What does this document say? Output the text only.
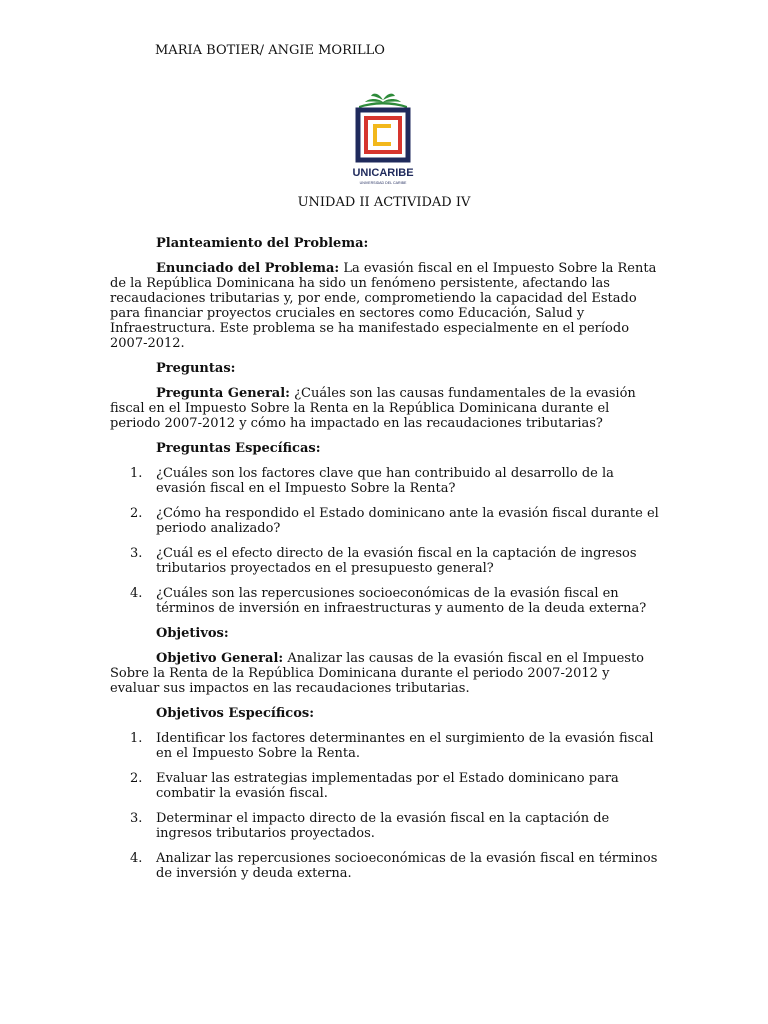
MARIA BOTIER/ ANGIE MORILLO
UNICARIBE
UNIVERSIDAD DEL CARIBE
UNIDAD II ACTIVIDAD IV

Planteamiento del Problema:

Enunciado del Problema: La evasión fiscal en el Impuesto Sobre la Renta de la República Dominicana ha sido un fenómeno persistente, afectando las recaudaciones tributarias y, por ende, comprometiendo la capacidad del Estado para financiar proyectos cruciales en sectores como Educación, Salud y Infraestructura. Este problema se ha manifestado especialmente en el período 2007-2012.

Preguntas:

Pregunta General: ¿Cuáles son las causas fundamentales de la evasión fiscal en el Impuesto Sobre la Renta en la República Dominicana durante el periodo 2007-2012 y cómo ha impactado en las recaudaciones tributarias?

Preguntas Específicas:

1. ¿Cuáles son los factores clave que han contribuido al desarrollo de la evasión fiscal en el Impuesto Sobre la Renta?
2. ¿Cómo ha respondido el Estado dominicano ante la evasión fiscal durante el periodo analizado?
3. ¿Cuál es el efecto directo de la evasión fiscal en la captación de ingresos tributarios proyectados en el presupuesto general?
4. ¿Cuáles son las repercusiones socioeconómicas de la evasión fiscal en términos de inversión en infraestructuras y aumento de la deuda externa?

Objetivos:

Objetivo General: Analizar las causas de la evasión fiscal en el Impuesto Sobre la Renta de la República Dominicana durante el periodo 2007-2012 y evaluar sus impactos en las recaudaciones tributarias.

Objetivos Específicos:

1. Identificar los factores determinantes en el surgimiento de la evasión fiscal en el Impuesto Sobre la Renta.
2. Evaluar las estrategias implementadas por el Estado dominicano para combatir la evasión fiscal.
3. Determinar el impacto directo de la evasión fiscal en la captación de ingresos tributarios proyectados.
4. Analizar las repercusiones socioeconómicas de la evasión fiscal en términos de inversión y deuda externa.
